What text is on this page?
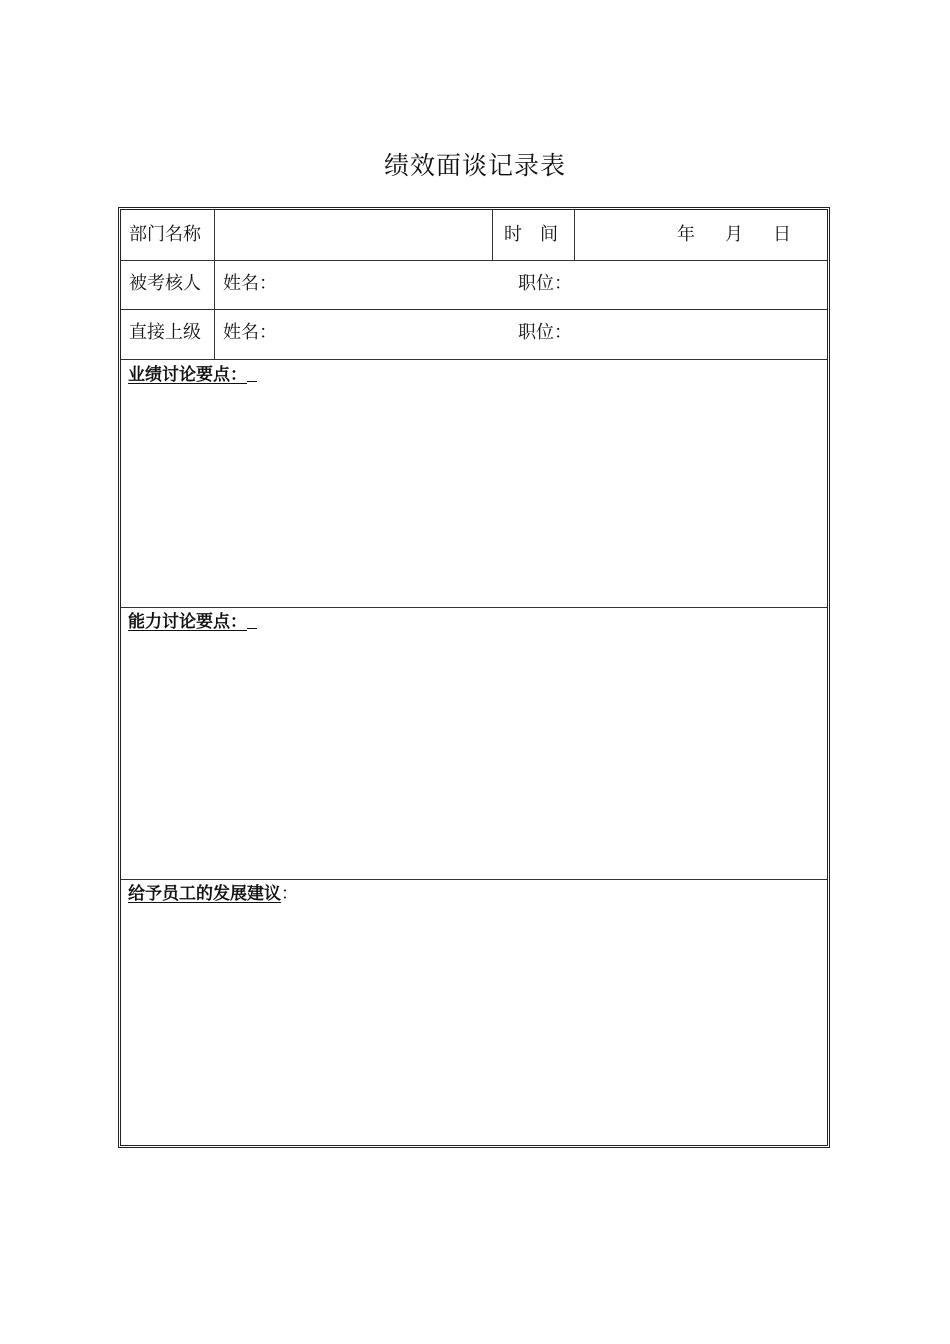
绩效面谈记录表
部门名称	时　间	年 月 日
被考核人 姓名：	职位：
直接上级 姓名：	职位：
业绩讨论要点：
能力讨论要点：
给予员工的发展建议：
